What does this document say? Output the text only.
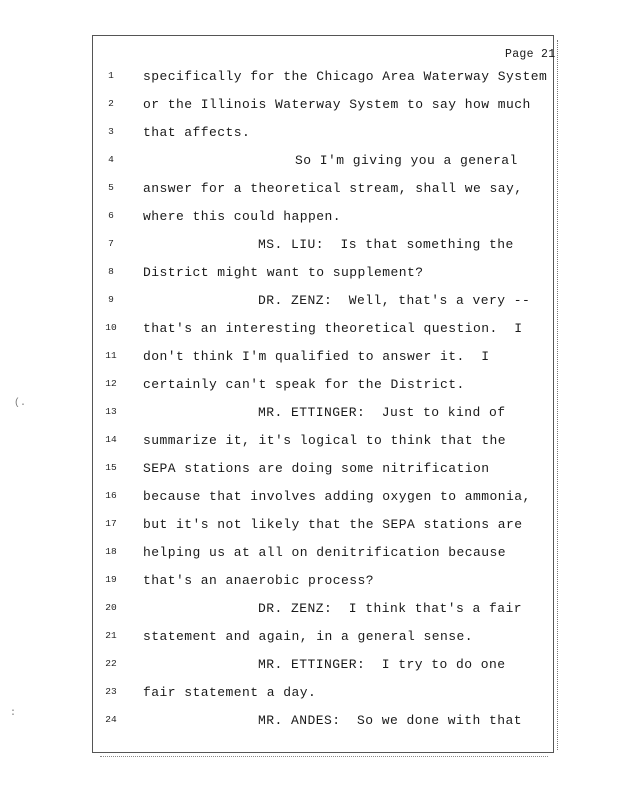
(.
:
Page 21
1
2
3
4
5
6
7
8
9
10
11
12
13
14
15
16
17
18
19
20
21
22
23
24
specifically for the Chicago Area Waterway System
or the Illinois Waterway System to say how much
that affects.
So I'm giving you a general
answer for a theoretical stream, shall we say,
where this could happen.
MS. LIU:  Is that something the
District might want to supplement?
DR. ZENZ:  Well, that's a very --
that's an interesting theoretical question.  I
don't think I'm qualified to answer it.  I
certainly can't speak for the District.
MR. ETTINGER:  Just to kind of
summarize it, it's logical to think that the
SEPA stations are doing some nitrification
because that involves adding oxygen to ammonia,
but it's not likely that the SEPA stations are
helping us at all on denitrification because
that's an anaerobic process?
DR. ZENZ:  I think that's a fair
statement and again, in a general sense.
MR. ETTINGER:  I try to do one
fair statement a day.
MR. ANDES:  So we done with that
